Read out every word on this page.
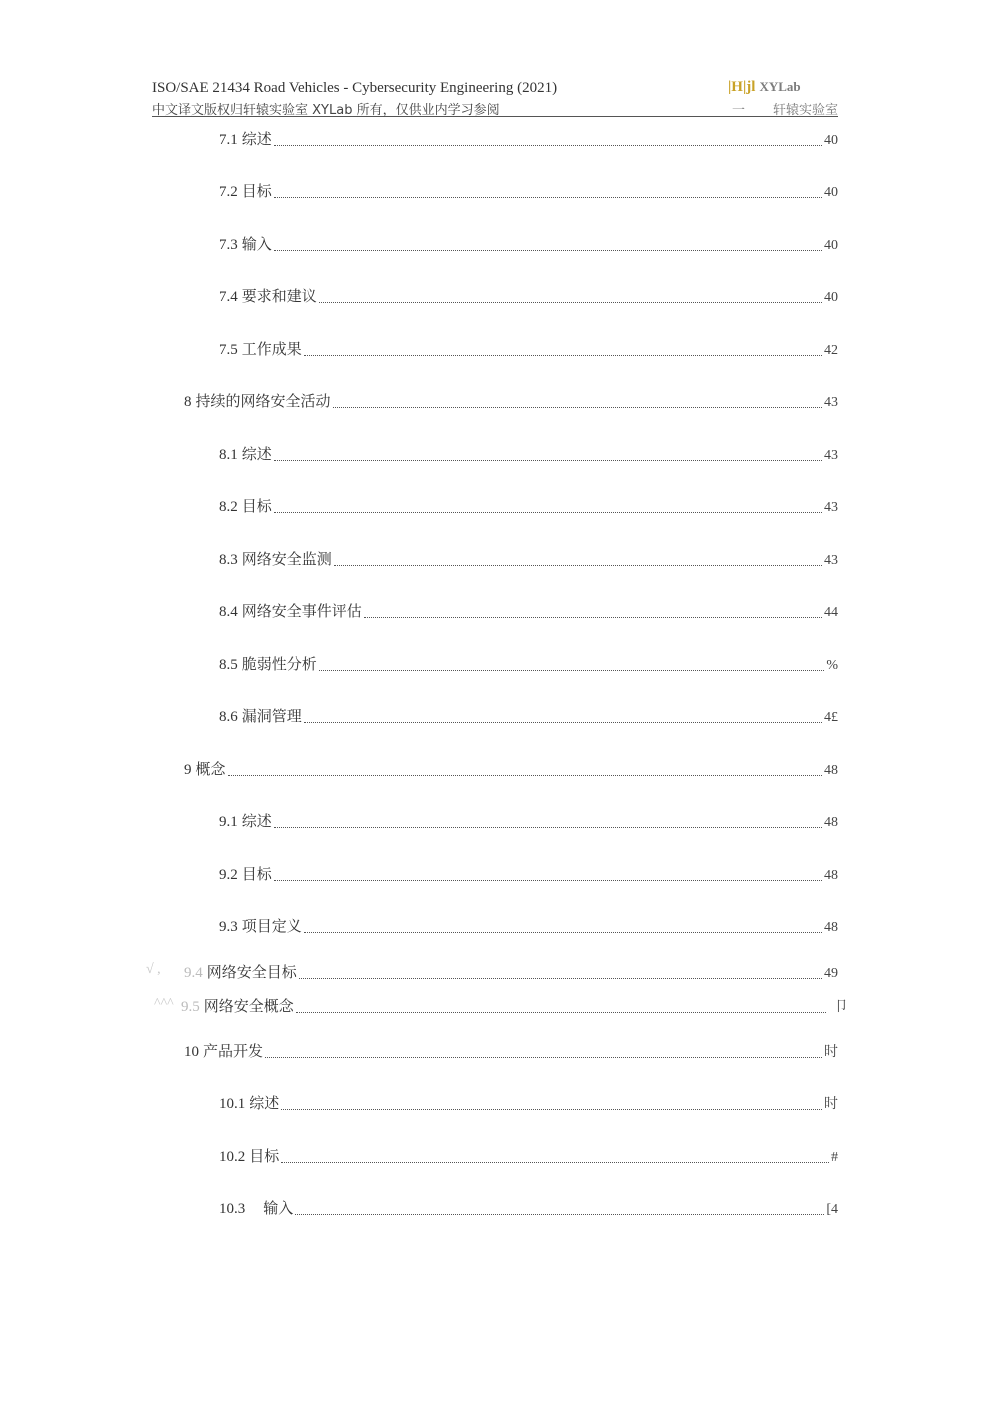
ISO/SAE 21434 Road Vehicles - Cybersecurity Engineering (2021)
中文译文版权归轩辕实验室 XYLab 所有，仅供业内学习参阅
|H|jl XYLab
一 轩辕实验室
7.1 综述	40
7.2 目标	40
7.3 输入	40
7.4 要求和建议	40
7.5 工作成果	42
8 持续的网络安全活动	43
8.1 综述	43
8.2 目标	43
8.3 网络安全监测	43
8.4 网络安全事件评估	44
8.5 脆弱性分析	%
8.6 漏洞管理	4£
9 概念	48
9.1 综述	48
9.2 目标	48
9.3 项目定义	48
√ , 9.4 网络安全目标	49
^^^ 9.5 网络安全概念	卩
10 产品开发	时
10.1 综述	时
10.2 目标	#
10.3 输入	[4
